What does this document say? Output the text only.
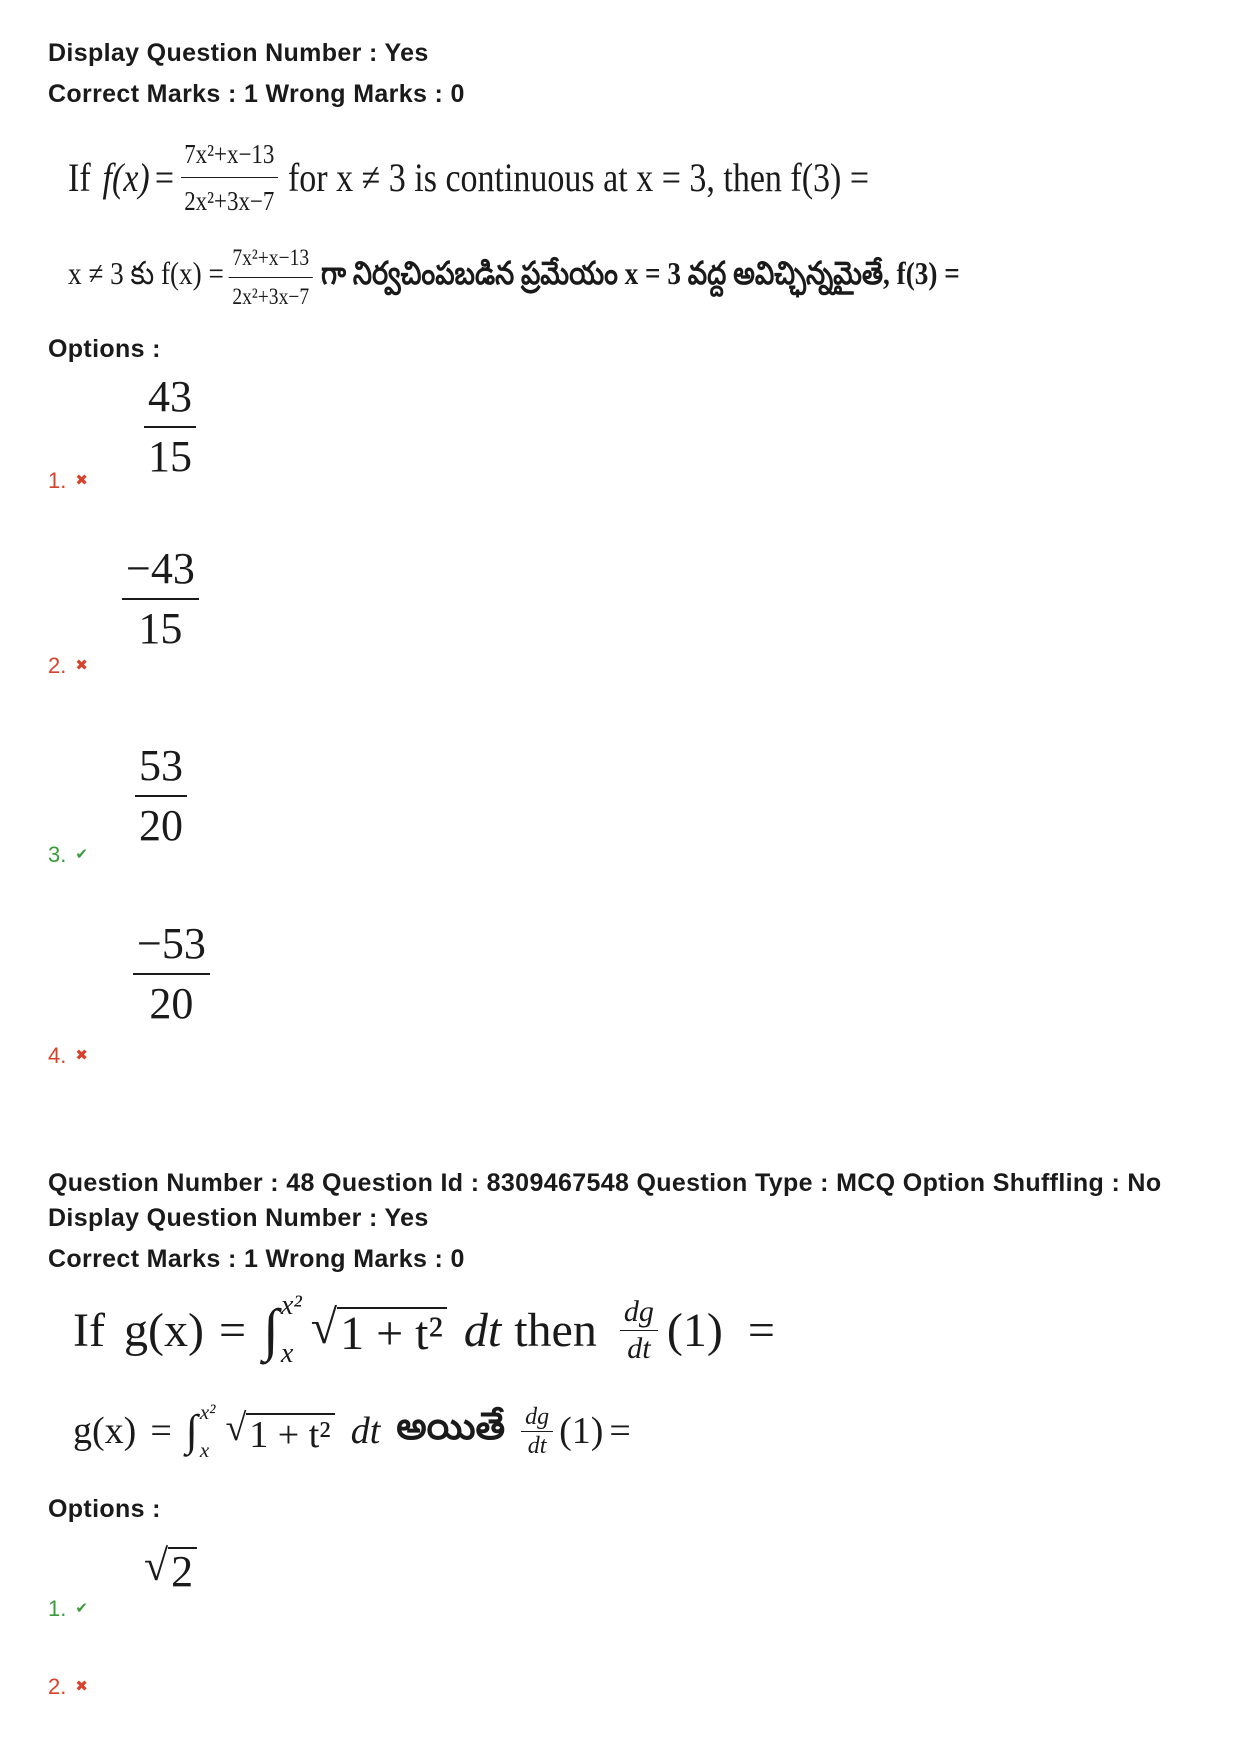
Display Question Number : Yes
Correct Marks : 1 Wrong Marks : 0
If $f(x) = \frac{\text{7x²+x−13}}{\text{2x²+3x−7}}$ for x ≠ 3 is continuous at x = 3, then f(3) =
x ≠ 3 కు $f(x) = \frac{\text{7x²+x−13}}{\text{2x²+3x−7}}$ గా నిర్వచింపబడిన ప్రమేయం x = 3 వద్ద అవిచ్ఛిన్నమైతే, f(3) =
Options :
$\frac{43}{15}$
1. ✖
$\frac{-43}{15}$
2. ✖
$\frac{53}{20}$
3. ✔
$\frac{-53}{20}$
4. ✖
Question Number : 48 Question Id : 8309467548 Question Type : MCQ Option Shuffling : No
Display Question Number : Yes
Correct Marks : 1 Wrong Marks : 0
If g(x) = ∫ x²
x √ 1 + t² dt then $\frac{dg}{dt} (1)$ =
g(x) = ∫ x²
x
√ 1 + t² dt అయితే $\frac{dg}{dt} (1)$ =
Options :
√ 2
1. ✔
2. ✖
